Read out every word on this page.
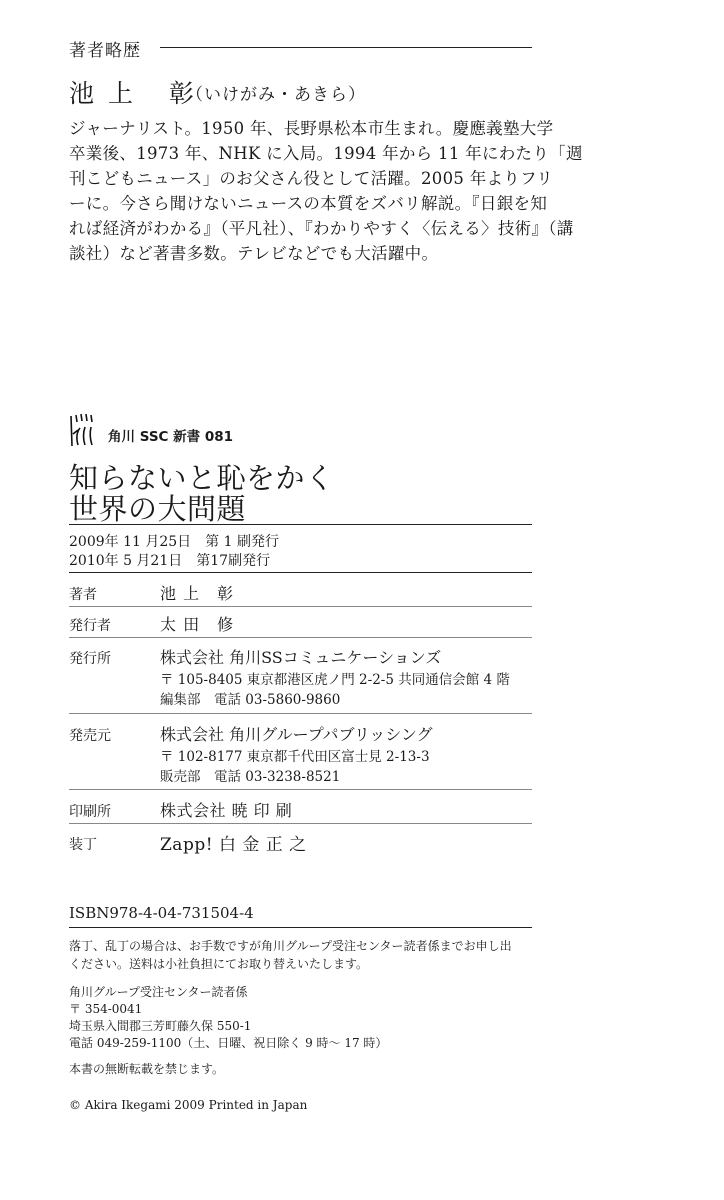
著者略歴
池上 彰
（いけがみ・あきら）
ジャーナリスト。1950 年、長野県松本市生まれ。慶應義塾大学
卒業後、1973 年、NHK に入局。1994 年から 11 年にわたり「週
刊こどもニュース」のお父さん役として活躍。2005 年よりフリ
ーに。今さら聞けないニュースの本質をズバリ解説。『日銀を知
れば経済がわかる』（平凡社）、『わかりやすく〈伝える〉技術』（講
談社）など著書多数。テレビなどでも大活躍中。
角川 SSC 新書 081
知らないと恥をかく
世界の大問題
2009年 11 月25日 第 1 刷発行
2010年 5 月21日 第17刷発行
著者	池 上　彰
発行者	太 田　修
発行所	株式会社 角川SSコミュニケーションズ
〒 105-8405 東京都港区虎ノ門 2-2-5 共同通信会館 4 階
編集部　電話 03-5860-9860
発売元	株式会社 角川グループパブリッシング
〒 102-8177 東京都千代田区富士見 2-13-3
販売部　電話 03-3238-8521
印刷所	株式会社 暁 印 刷
装丁	Zapp! 白 金 正 之
ISBN978-4-04-731504-4
落丁、乱丁の場合は、お手数ですが角川グループ受注センター読者係までお申し出
ください。送料は小社負担にてお取り替えいたします。
角川グループ受注センター読者係
〒 354-0041
埼玉県入間郡三芳町藤久保 550-1
電話 049-259-1100（土、日曜、祝日除く 9 時〜 17 時）
本書の無断転載を禁じます。
© Akira Ikegami 2009 Printed in Japan
